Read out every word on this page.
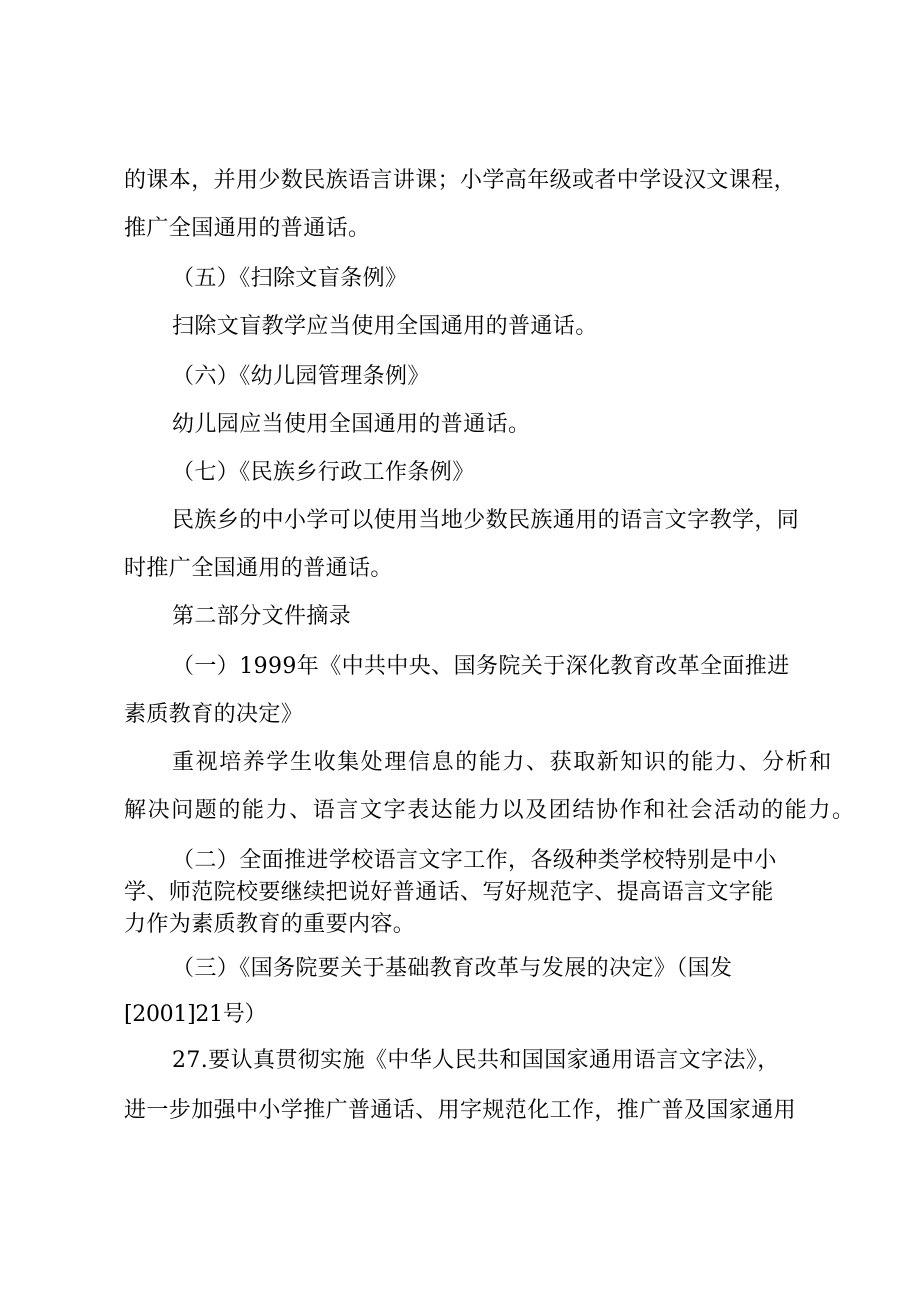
的课本，并用少数民族语言讲课；小学高年级或者中学设汉文课程，
推广全国通用的普通话。
（五）《扫除文盲条例》
扫除文盲教学应当使用全国通用的普通话。
（六）《幼儿园管理条例》
幼儿园应当使用全国通用的普通话。
（七）《民族乡行政工作条例》
民族乡的中小学可以使用当地少数民族通用的语言文字教学，同
时推广全国通用的普通话。
第二部分文件摘录
（一）1999年《中共中央、国务院关于深化教育改革全面推进
素质教育的决定》
重视培养学生收集处理信息的能力、获取新知识的能力、分析和
解决问题的能力、语言文字表达能力以及团结协作和社会活动的能力。
（二）全面推进学校语言文字工作，各级种类学校特别是中小
学、师范院校要继续把说好普通话、写好规范字、提高语言文字能
力作为素质教育的重要内容。
（三）《国务院要关于基础教育改革与发展的决定》（国发
[2001]21号）
27.要认真贯彻实施《中华人民共和国国家通用语言文字法》，
进一步加强中小学推广普通话、用字规范化工作，推广普及国家通用
